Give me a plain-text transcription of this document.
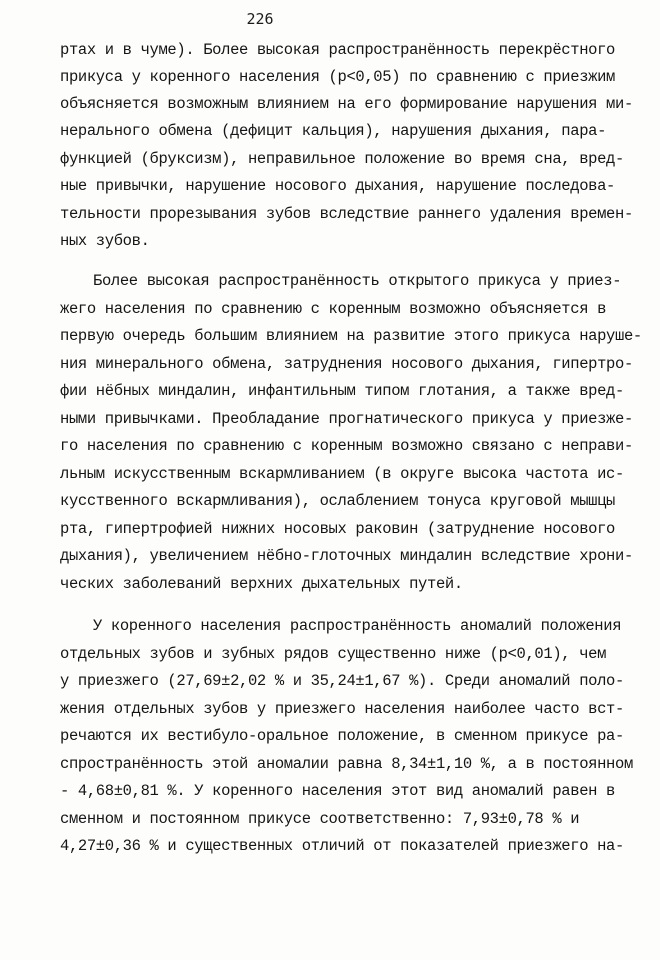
226
ртах и в чуме). Более высокая распространённость перекрёстного
прикуса у коренного населения (р<0,05) по сравнению с приезжим
объясняется возможным влиянием на его формирование нарушения ми-
нерального обмена (дефицит кальция), нарушения дыхания, пара-
функцией (бруксизм), неправильное положение во время сна, вред-
ные привычки, нарушение носового дыхания, нарушение последова-
тельности прорезывания зубов вследствие раннего удаления времен-
ных зубов.
Более высокая распространённость открытого прикуса у приез-
жего населения по сравнению с коренным возможно объясняется в
первую очередь большим влиянием на развитие этого прикуса наруше-
ния минерального обмена, затруднения носового дыхания, гипертро-
фии нёбных миндалин, инфантильным типом глотания, а также вред-
ными привычками. Преобладание прогнатического прикуса у приезже-
го населения по сравнению с коренным возможно связано с неправи-
льным искусственным вскармливанием (в округе высока частота ис-
кусственного вскармливания), ослаблением тонуса круговой мышцы
рта, гипертрофией нижних носовых раковин (затруднение носового
дыхания), увеличением нёбно-глоточных миндалин вследствие хрони-
ческих заболеваний верхних дыхательных путей.
У коренного населения распространённость аномалий положения
отдельных зубов и зубных рядов существенно ниже (р<0,01), чем
у приезжего (27,69±2,02 % и 35,24±1,67 %). Среди аномалий поло-
жения отдельных зубов у приезжего населения наиболее часто вст-
речаются их вестибуло-оральное положение, в сменном прикусе ра-
спространённость этой аномалии равна 8,34±1,10 %, а в постоянном
- 4,68±0,81 %. У коренного населения этот вид аномалий равен в
сменном и постоянном прикусе соответственно: 7,93±0,78 % и
4,27±0,36 % и существенных отличий от показателей приезжего на-
